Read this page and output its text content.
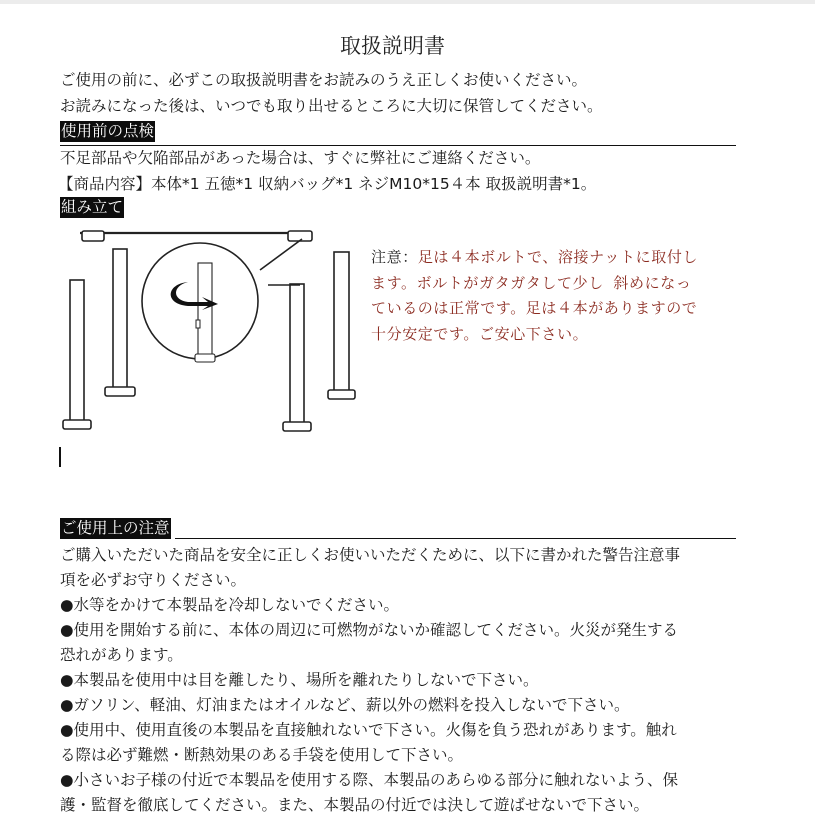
取扱説明書
ご使用の前に、必ずこの取扱説明書をお読みのうえ正しくお使いください。
お読みになった後は、いつでも取り出せるところに大切に保管してください。
使用前の点検
不足部品や欠陥部品があった場合は、すぐに弊社にご連絡ください。
【商品内容】本体*1 五徳*1 収納バッグ*1 ネジM10*15４本 取扱説明書*1。
組み立て
注意：足は４本ボルトで、溶接ナットに取付し
ます。ボルトがガタガタして少し 斜めになっ
ているのは正常です。足は４本がありますので
十分安定です。ご安心下さい。
ご使用上の注意
ご購入いただいた商品を安全に正しくお使いいただくために、以下に書かれた警告注意事
項を必ずお守りください。
●水等をかけて本製品を冷却しないでください。
●使用を開始する前に、本体の周辺に可燃物がないか確認してください。火災が発生する
恐れがあります。
●本製品を使用中は目を離したり、場所を離れたりしないで下さい。
●ガソリン、軽油、灯油またはオイルなど、薪以外の燃料を投入しないで下さい。
●使用中、使用直後の本製品を直接触れないで下さい。火傷を負う恐れがあります。触れ
る際は必ず難燃・断熱効果のある手袋を使用して下さい。
●小さいお子様の付近で本製品を使用する際、本製品のあらゆる部分に触れないよう、保
護・監督を徹底してください。また、本製品の付近では決して遊ばせないで下さい。
